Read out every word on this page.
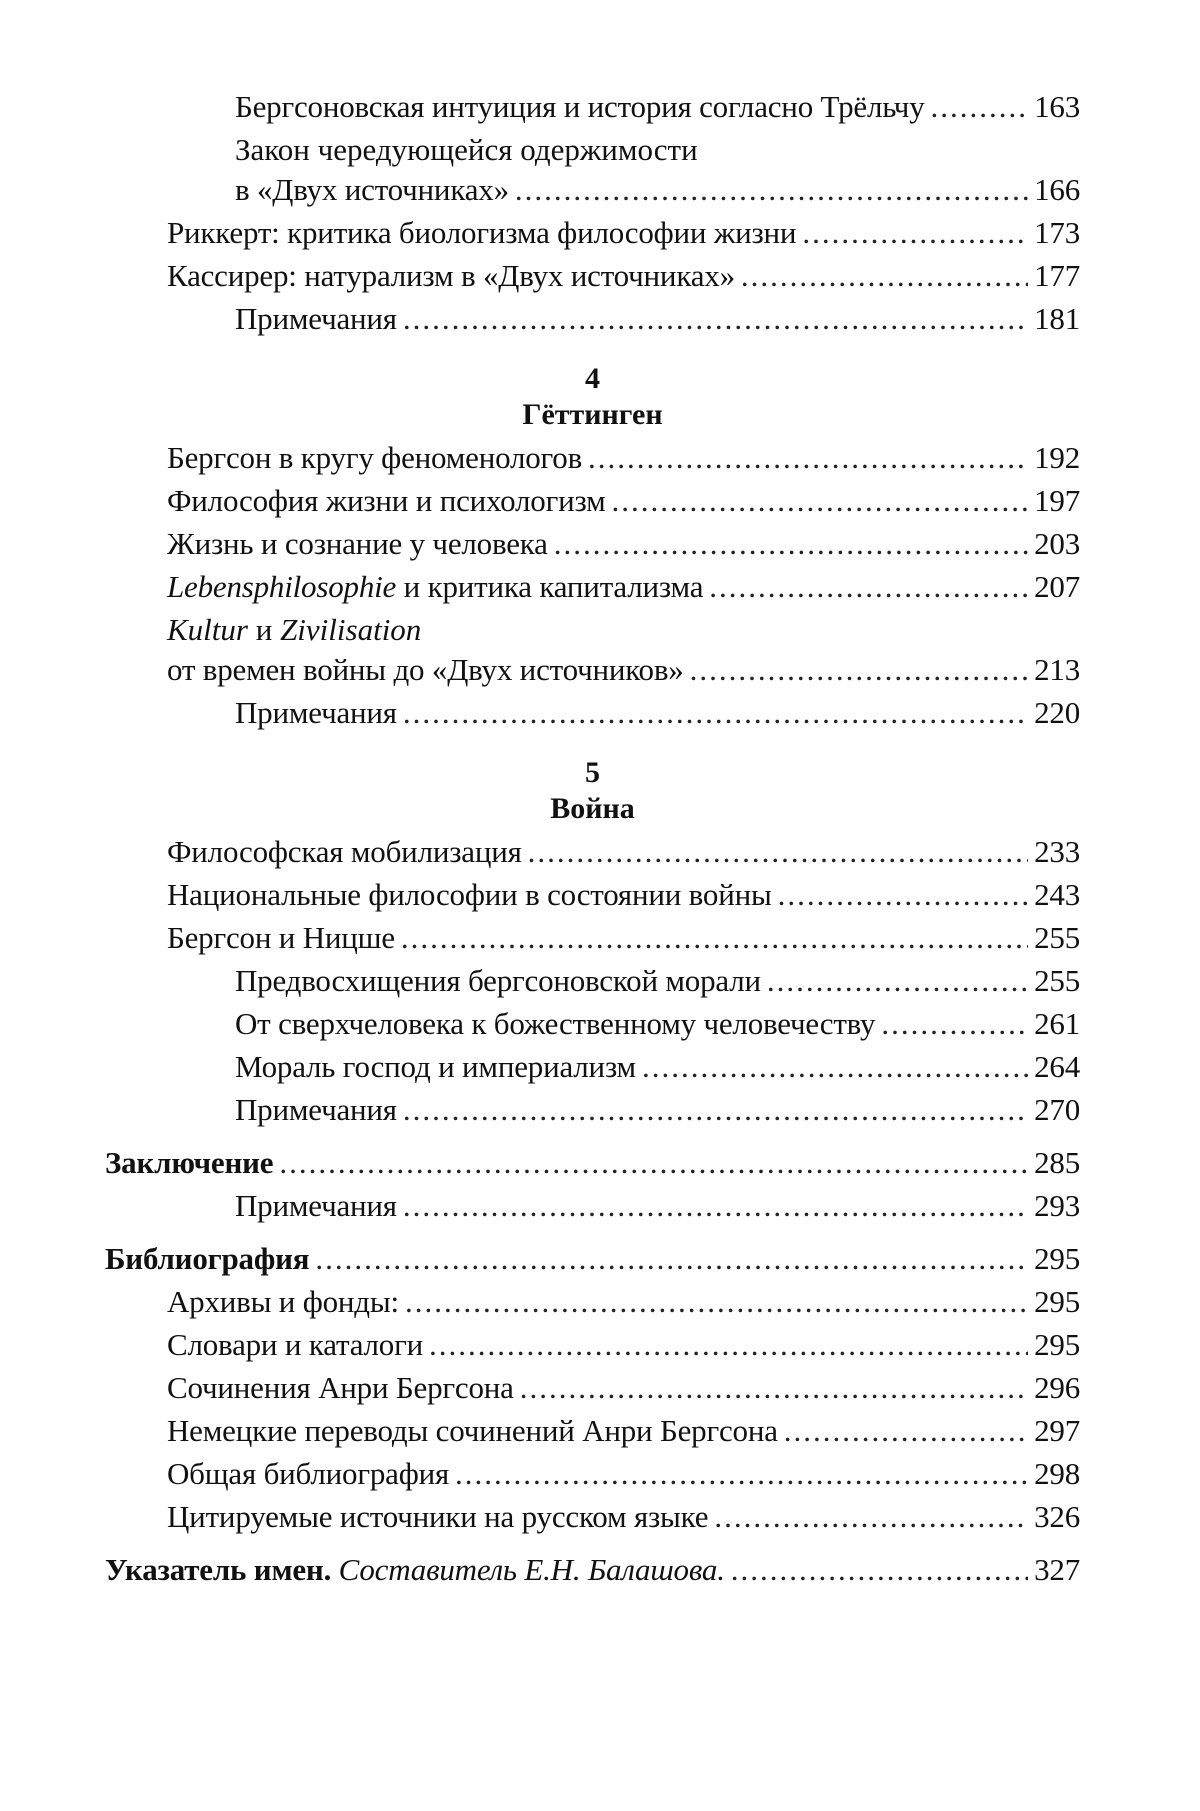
Бергсоновская интуиция и история согласно Трёльчу .....	163
Закон чередующейся одержимости
в «Двух источниках» .....	166
Риккерт: критика биологизма философии жизни .....	173
Кассирер: натурализм в «Двух источниках» .....	177
Примечания .....	181
4
Гёттинген
Бергсон в кругу феноменологов .....	192
Философия жизни и психологизм .....	197
Жизнь и сознание у человека .....	203
Lebensphilosophie и критика капитализма .....	207
Kultur и Zivilisation
от времен войны до «Двух источников» .....	213
Примечания .....	220
5
Война
Философская мобилизация .....	233
Национальные философии в состоянии войны .....	243
Бергсон и Ницше .....	255
Предвосхищения бергсоновской морали .....	255
От сверхчеловека к божественному человечеству .....	261
Мораль господ и империализм .....	264
Примечания .....	270
Заключение .....	285
Примечания .....	293
Библиография .....	295
Архивы и фонды: .....	295
Словари и каталоги .....	295
Сочинения Анри Бергсона .....	296
Немецкие переводы сочинений Анри Бергсона .....	297
Общая библиография .....	298
Цитируемые источники на русском языке .....	326
Указатель имен. Составитель Е.Н. Балашова. .....	327
